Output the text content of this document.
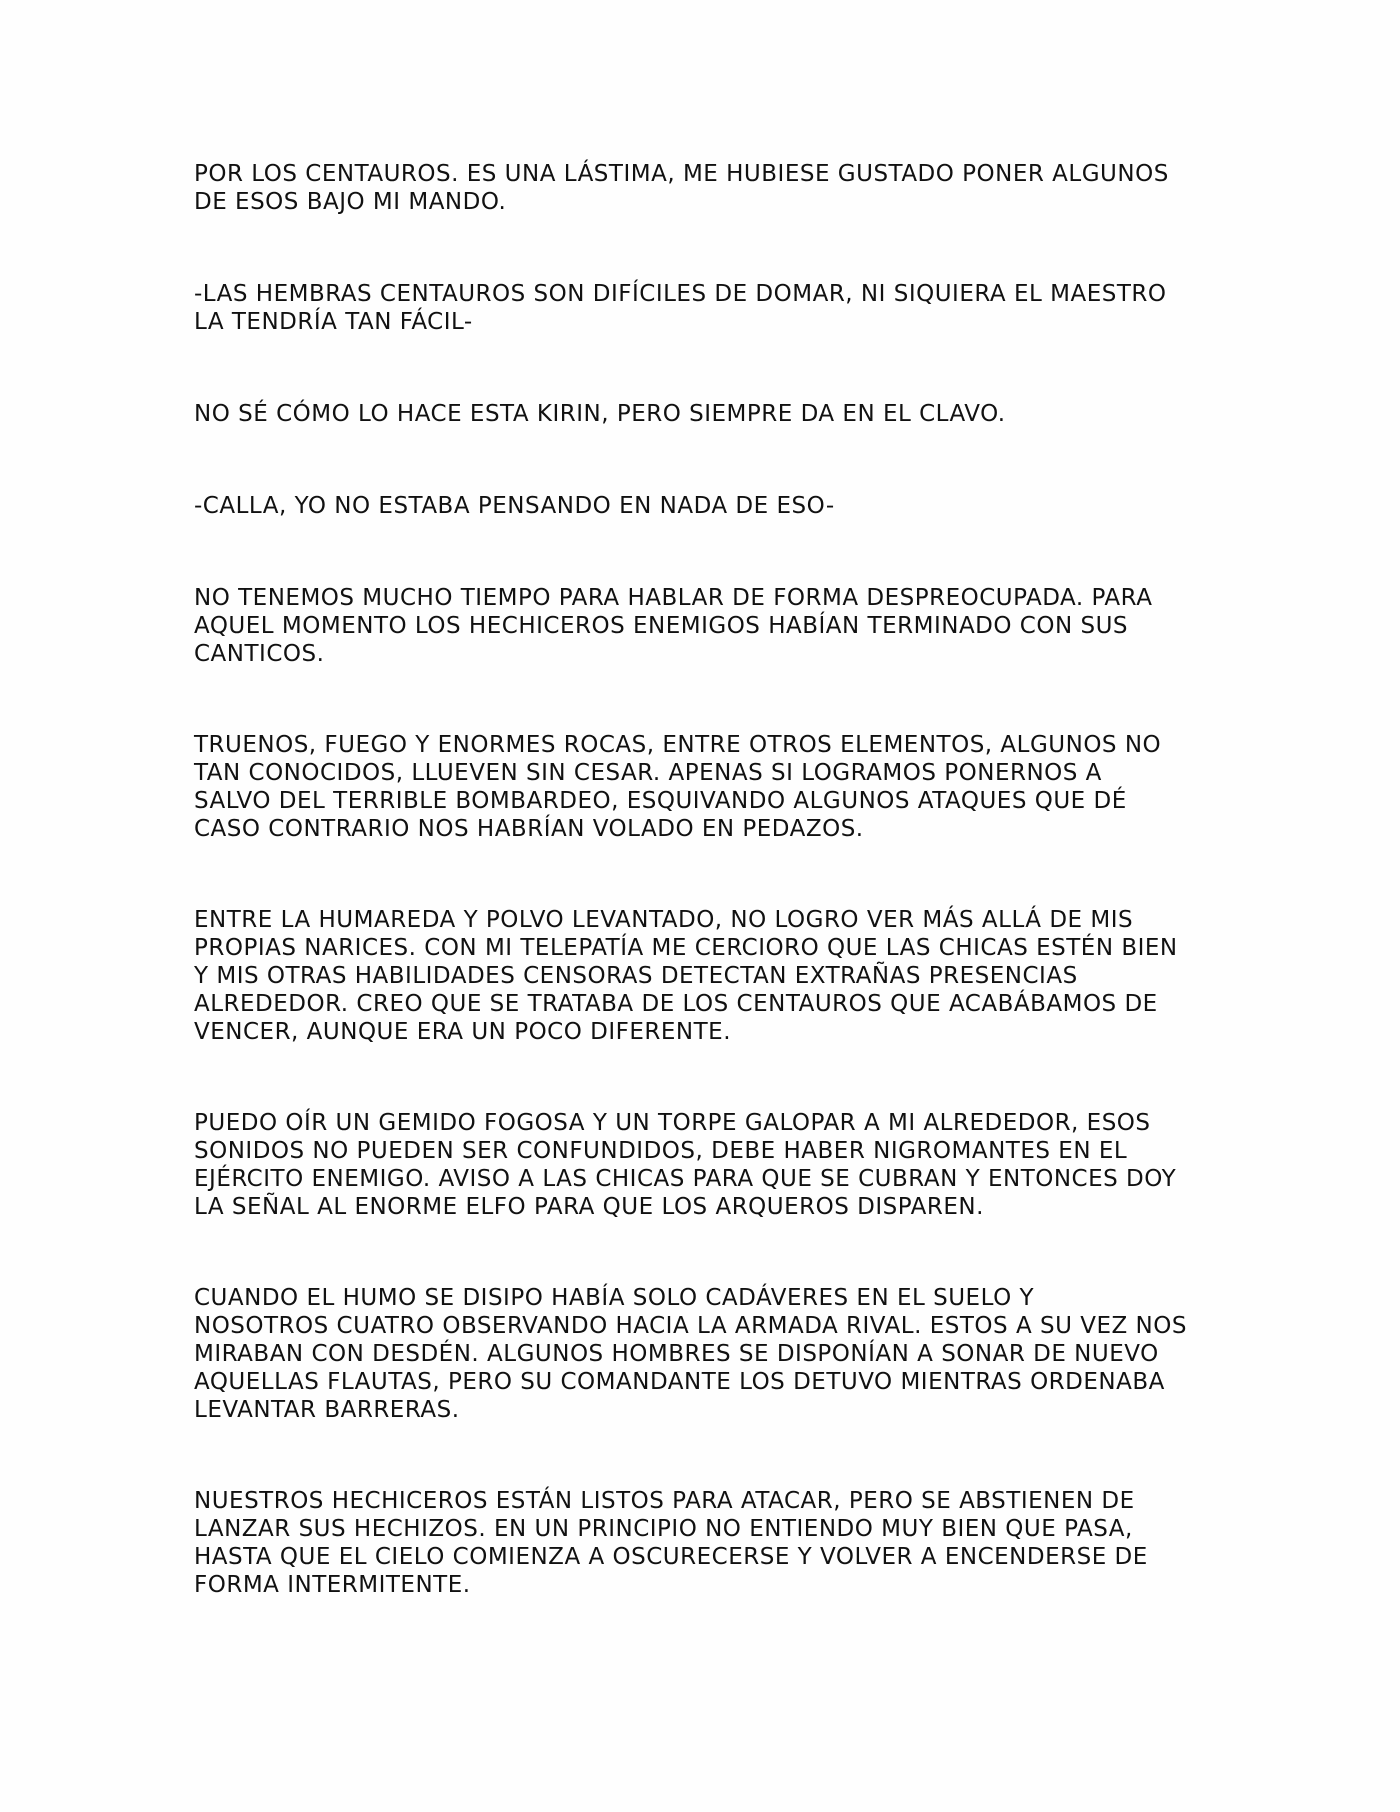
POR LOS CENTAUROS. ES UNA LÁSTIMA, ME HUBIESE GUSTADO PONER ALGUNOS
DE ESOS BAJO MI MANDO.

-LAS HEMBRAS CENTAUROS SON DIFÍCILES DE DOMAR, NI SIQUIERA EL MAESTRO
LA TENDRÍA TAN FÁCIL-

NO SÉ CÓMO LO HACE ESTA KIRIN, PERO SIEMPRE DA EN EL CLAVO.

-CALLA, YO NO ESTABA PENSANDO EN NADA DE ESO-

NO TENEMOS MUCHO TIEMPO PARA HABLAR DE FORMA DESPREOCUPADA. PARA
AQUEL MOMENTO LOS HECHICEROS ENEMIGOS HABÍAN TERMINADO CON SUS
CANTICOS.

TRUENOS, FUEGO Y ENORMES ROCAS, ENTRE OTROS ELEMENTOS, ALGUNOS NO
TAN CONOCIDOS, LLUEVEN SIN CESAR. APENAS SI LOGRAMOS PONERNOS A
SALVO DEL TERRIBLE BOMBARDEO, ESQUIVANDO ALGUNOS ATAQUES QUE DÉ
CASO CONTRARIO NOS HABRÍAN VOLADO EN PEDAZOS.

ENTRE LA HUMAREDA Y POLVO LEVANTADO, NO LOGRO VER MÁS ALLÁ DE MIS
PROPIAS NARICES. CON MI TELEPATÍA ME CERCIORO QUE LAS CHICAS ESTÉN BIEN
Y MIS OTRAS HABILIDADES CENSORAS DETECTAN EXTRAÑAS PRESENCIAS
ALREDEDOR. CREO QUE SE TRATABA DE LOS CENTAUROS QUE ACABÁBAMOS DE
VENCER, AUNQUE ERA UN POCO DIFERENTE.

PUEDO OÍR UN GEMIDO FOGOSA Y UN TORPE GALOPAR A MI ALREDEDOR, ESOS
SONIDOS NO PUEDEN SER CONFUNDIDOS, DEBE HABER NIGROMANTES EN EL
EJÉRCITO ENEMIGO. AVISO A LAS CHICAS PARA QUE SE CUBRAN Y ENTONCES DOY
LA SEÑAL AL ENORME ELFO PARA QUE LOS ARQUEROS DISPAREN.

CUANDO EL HUMO SE DISIPO HABÍA SOLO CADÁVERES EN EL SUELO Y
NOSOTROS CUATRO OBSERVANDO HACIA LA ARMADA RIVAL. ESTOS A SU VEZ NOS
MIRABAN CON DESDÉN. ALGUNOS HOMBRES SE DISPONÍAN A SONAR DE NUEVO
AQUELLAS FLAUTAS, PERO SU COMANDANTE LOS DETUVO MIENTRAS ORDENABA
LEVANTAR BARRERAS.

NUESTROS HECHICEROS ESTÁN LISTOS PARA ATACAR, PERO SE ABSTIENEN DE
LANZAR SUS HECHIZOS. EN UN PRINCIPIO NO ENTIENDO MUY BIEN QUE PASA,
HASTA QUE EL CIELO COMIENZA A OSCURECERSE Y VOLVER A ENCENDERSE DE
FORMA INTERMITENTE.
